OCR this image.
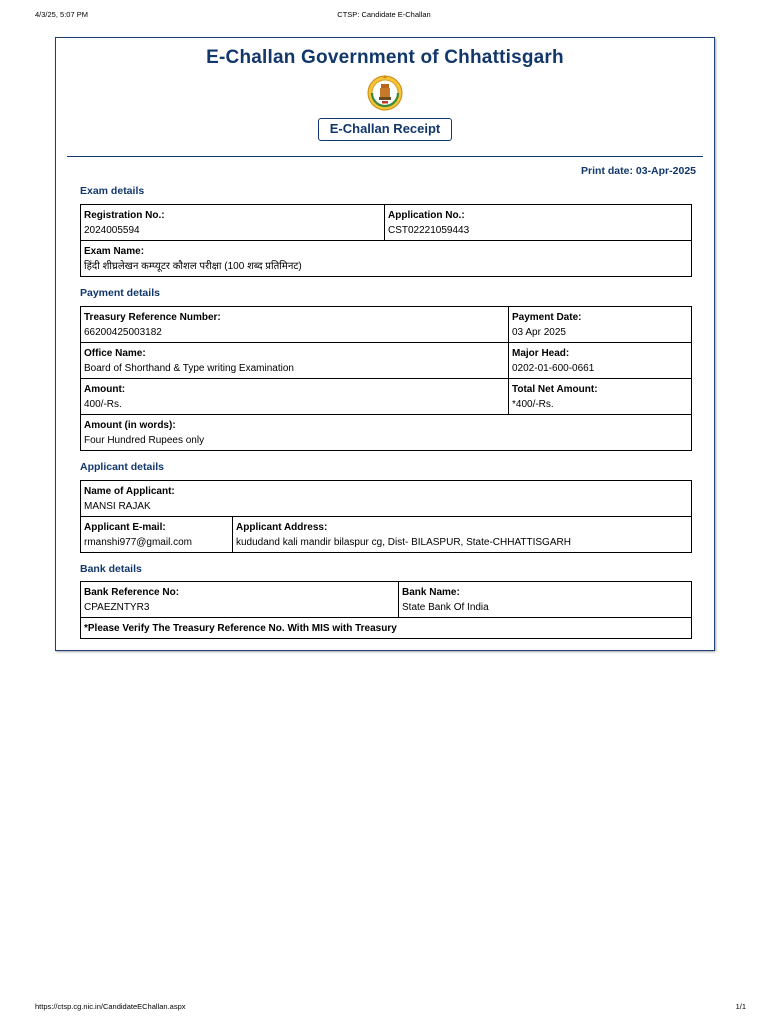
4/3/25, 5:07 PM	CTSP: Candidate E-Challan
E-Challan Government of Chhattisgarh
E-Challan Receipt
Print date: 03-Apr-2025
Exam details
Registration No.:
2024005594

Application No.:
CST02221059443

Exam Name:
हिंदी शीघ्रलेखन कम्प्यूटर कौशल परीक्षा (100 शब्द प्रतिमिनट)
Payment details
Treasury Reference Number:
66200425003182	Payment Date:
03 Apr 2025

Office Name:
Board of Shorthand & Type writing Examination	Major Head:
0202-01-600-0661

Amount:
400/-Rs.	Total Net Amount:
*400/-Rs.

Amount (in words):
Four Hundred Rupees only	
Applicant details
Name of Applicant:
MANSI RAJAK

Applicant E-mail:
rmanshi977@gmail.com

Applicant Address:
kududand kali mandir bilaspur cg, Dist- BILASPUR, State-CHHATTISGARH
Bank details
Bank Reference No:
CPAEZNTYR3

Bank Name:
State Bank Of India

*Please Verify The Treasury Reference No. With MIS with Treasury
https://ctsp.cg.nic.in/CandidateEChallan.aspx	1/1
